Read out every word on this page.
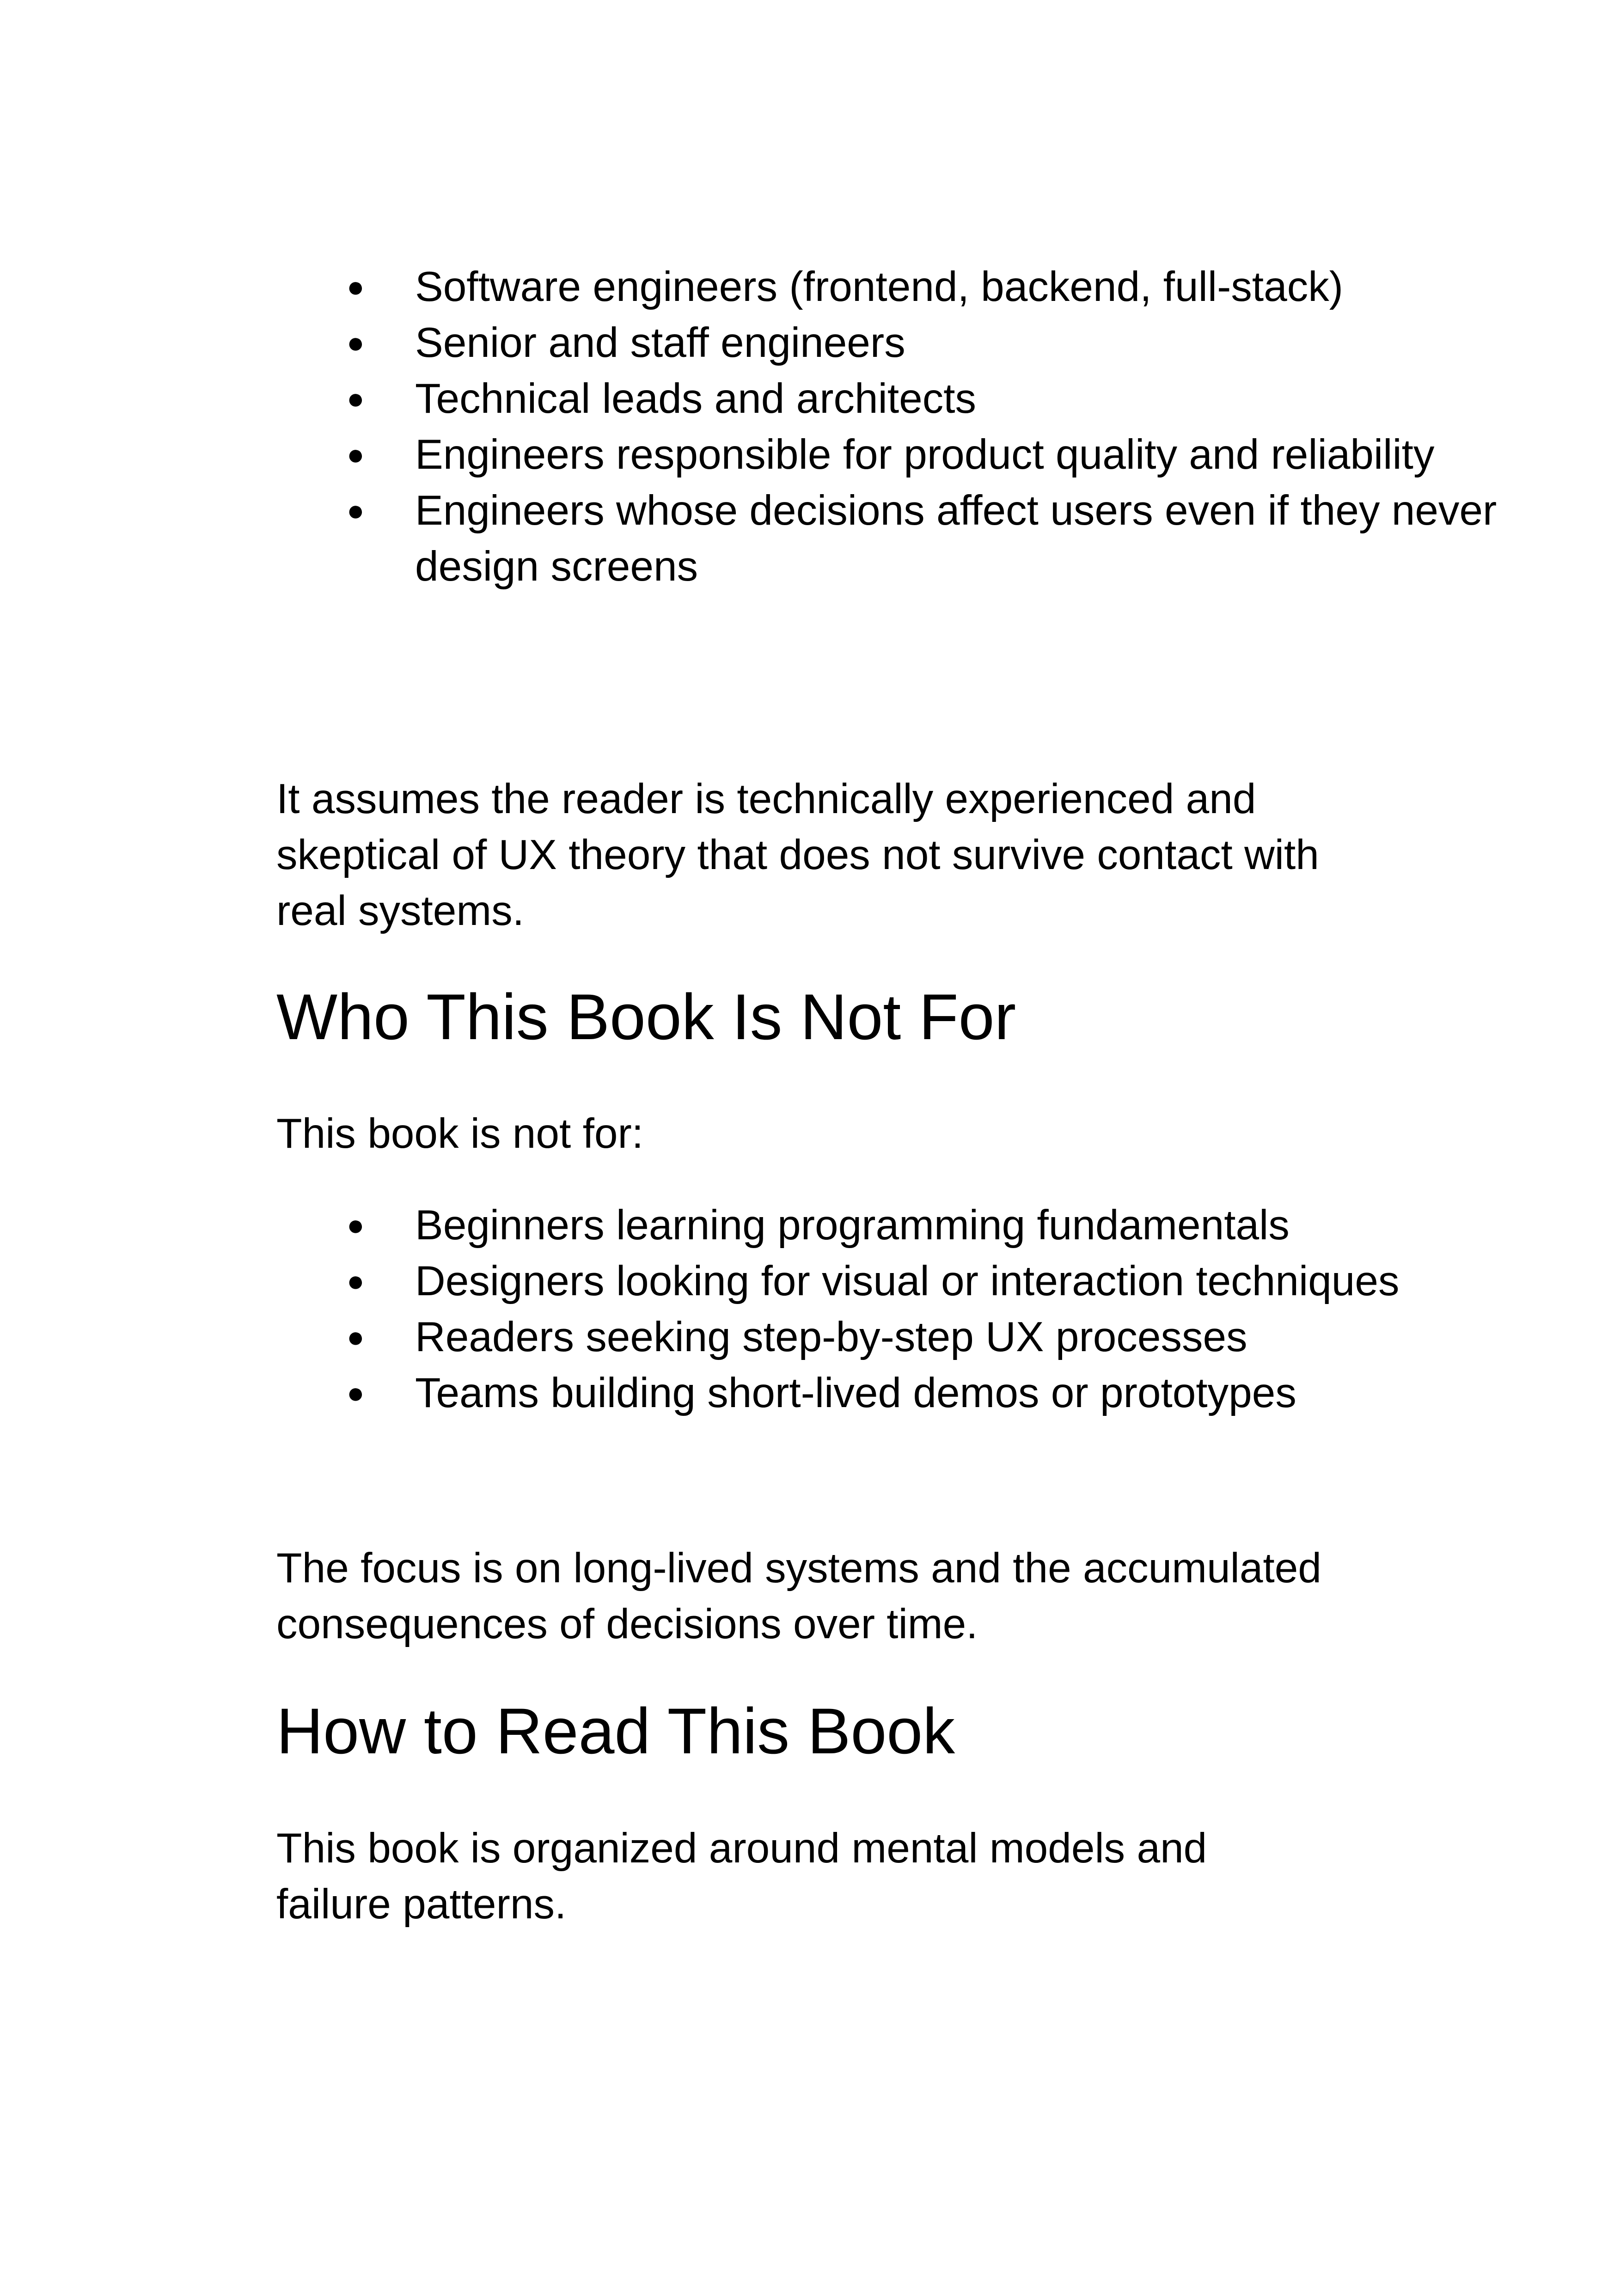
●	Software engineers (frontend, backend, full-stack)
●	Senior and staff engineers
●	Technical leads and architects
●	Engineers responsible for product quality and reliability
●	Engineers whose decisions affect users even if they never design screens

It assumes the reader is technically experienced and skeptical of UX theory that does not survive contact with real systems.

Who This Book Is Not For

This book is not for:

●	Beginners learning programming fundamentals
●	Designers looking for visual or interaction techniques
●	Readers seeking step-by-step UX processes
●	Teams building short-lived demos or prototypes

The focus is on long-lived systems and the accumulated consequences of decisions over time.

How to Read This Book

This book is organized around mental models and failure patterns.
